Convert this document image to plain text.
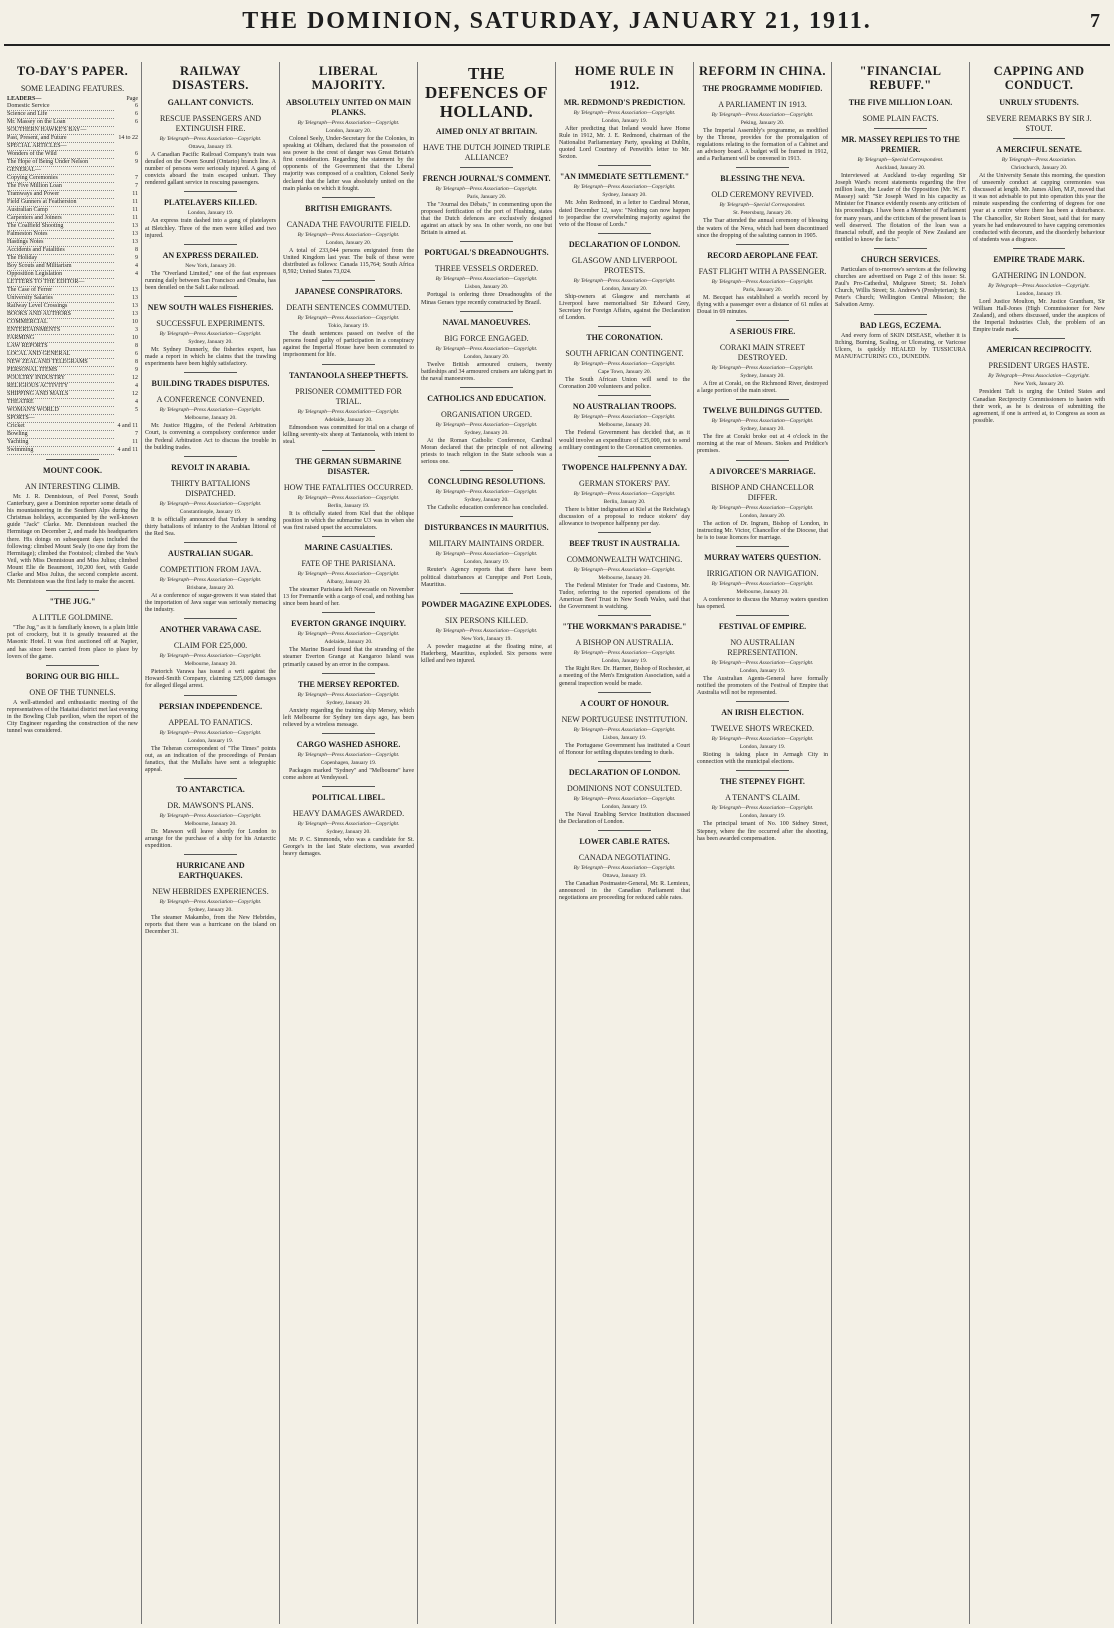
THE DOMINION, SATURDAY, JANUARY 21, 1911.	7
TO-DAY'S PAPER.
SOME LEADING FEATURES.
LEADERS—	Page
Domestic Service	6
Science and Life	6
Mr. Massey on the Loan	6
SOUTHERN HAWKE'S BAY—	
Past, Present, and Future	14 to 22
SPECIAL ARTICLES—	
Wonders of the Wild	6
The Hope of Being Under Nelson	9
GENERAL—	
Copying Ceremonies	7
The Five Million Loan	7
Tramways and Power	11
Field Gunners at Featherston	11
Australian Camp	11
Carpenters and Joiners	11
The Coalfield Shooting	13
Falmeston Notes	13
Hastings Notes	13
Accidents and Fatalities	8
The Holiday	9
Boy Scouts and Militarism	4
Opposition Legislation	4
LETTERS TO THE EDITOR—	
The Case of Ferrer	13
University Salaries	13
Railway Level Crossings	13
BOOKS AND AUTHORS	13
COMMERCIAL	10
ENTERTAINMENTS	3
FARMING	10
LAW REPORTS	8
LOCAL AND GENERAL	6
NEW ZEALAND TELEGRAMS	8
PERSONAL ITEMS	9
POULTRY INDUSTRY	12
RELIGIOUS ACTIVITY	4
SHIPPING AND MAILS	12
THEATRE	4
WOMAN'S WORLD	5
SPORTS—	
Cricket	4 and 11
Bowling	7
Yachting	11
Swimming	4 and 11
MOUNT COOK.
AN INTERESTING CLIMB.

Mr. J. R. Dennistoun, of Peel Forest, South Canterbury, gave a Dominion reporter some details of his mountaineering in the Southern Alps during the Christmas holidays, accompanied by the well-known guide "Jack" Clarke. Mr. Dennistoun reached the Hermitage on December 2, and made his headquarters there. His doings on subsequent days included the following: climbed Mount Sealy (to one day from the Hermitage); climbed the Footstool; climbed the Vea's Veil, with Miss Dennistoun and Miss Julius; climbed Mount Elie de Beaumont, 10,200 feet, with Guide Clarke and Miss Julius, the second complete ascent. Mr. Dennistoun was the first lady to make the ascent.

"THE JUG."
A LITTLE GOLDMINE.

"The Jug," as it is familiarly known, is a plain little pot of crockery, but it is greatly treasured at the Masonic Hotel. It was first auctioned off at Napier, and has since been carried from place to place by lovers of the game.

BORING OUR BIG HILL.
ONE OF THE TUNNELS.

A well-attended and enthusiastic meeting of the representatives of the Hataitai district met last evening in the Bowling Club pavilion, when the report of the City Engineer regarding the construction of the new tunnel was considered.

RAILWAY DISASTERS.
GALLANT CONVICTS.
RESCUE PASSENGERS AND EXTINGUISH FIRE.
By Telegraph—Press Association—Copyright.
Ottawa, January 19.

A Canadian Pacific Railroad Company's train was derailed on the Owen Sound (Ontario) branch line. A number of persons were seriously injured. A gang of convicts aboard the train escaped unhurt. They rendered gallant service in rescuing passengers.

PLATELAYERS KILLED.
London, January 19.

An express train dashed into a gang of platelayers at Bletchley. Three of the men were killed and two injured.

AN EXPRESS DERAILED.
New York, January 20.

The "Overland Limited," one of the fast expresses running daily between San Francisco and Omaha, has been derailed on the Salt Lake railroad.

NEW SOUTH WALES FISHERIES.
SUCCESSFUL EXPERIMENTS.
By Telegraph—Press Association—Copyright.
Sydney, January 20.

Mr. Sydney Dunnerly, the fisheries expert, has made a report in which he claims that the trawling experiments have been highly satisfactory.

BUILDING TRADES DISPUTES.
A CONFERENCE CONVENED.
By Telegraph—Press Association—Copyright.
Melbourne, January 20.

Mr. Justice Higgins, of the Federal Arbitration Court, is convening a compulsory conference under the Federal Arbitration Act to discuss the trouble in the building trades.

REVOLT IN ARABIA.
THIRTY BATTALIONS DISPATCHED.
By Telegraph—Press Association—Copyright.
Constantinople, January 19.

It is officially announced that Turkey is sending thirty battalions of infantry to the Arabian littoral of the Red Sea.

AUSTRALIAN SUGAR.
COMPETITION FROM JAVA.
By Telegraph—Press Association—Copyright.
Brisbane, January 20.

At a conference of sugar-growers it was stated that the importation of Java sugar was seriously menacing the industry.

ANOTHER VARAWA CASE.
CLAIM FOR £25,000.
By Telegraph—Press Association—Copyright.
Melbourne, January 20.

Pietorich Varawa has issued a writ against the Howard-Smith Company, claiming £25,000 damages for alleged illegal arrest.

PERSIAN INDEPENDENCE.
APPEAL TO FANATICS.
By Telegraph—Press Association—Copyright.
London, January 19.

The Teheran correspondent of "The Times" points out, as an indication of the proceedings of Persian fanatics, that the Mullahs have sent a telegraphic appeal.

TO ANTARCTICA.
DR. MAWSON'S PLANS.
By Telegraph—Press Association—Copyright.
Melbourne, January 20.

Dr. Mawson will leave shortly for London to arrange for the purchase of a ship for his Antarctic expedition.

HURRICANE AND EARTHQUAKES.
NEW HEBRIDES EXPERIENCES.
By Telegraph—Press Association—Copyright.
Sydney, January 20.

The steamer Makambo, from the New Hebrides, reports that there was a hurricane on the island on December 31.

LIBERAL MAJORITY.
ABSOLUTELY UNITED ON MAIN PLANKS.
By Telegraph—Press Association—Copyright.
London, January 20.

Colonel Seely, Under-Secretary for the Colonies, in speaking at Oldham, declared that the possession of sea power is the crest of danger was Great Britain's first consideration. Regarding the statement by the opponents of the Government that the Liberal majority was composed of a coalition, Colonel Seely declared that the latter was absolutely united on the main planks on which it fought.

BRITISH EMIGRANTS.
CANADA THE FAVOURITE FIELD.
By Telegraph—Press Association—Copyright.
London, January 20.

A total of 233,044 persons emigrated from the United Kingdom last year. The bulk of these were distributed as follows: Canada 115,764; South Africa 8,592; United States 73,024.

JAPANESE CONSPIRATORS.
DEATH SENTENCES COMMUTED.
By Telegraph—Press Association—Copyright.
Tokio, January 19.

The death sentences passed on twelve of the persons found guilty of participation in a conspiracy against the Imperial House have been commuted to imprisonment for life.

TANTANOOLA SHEEP THEFTS.
PRISONER COMMITTED FOR TRIAL.
By Telegraph—Press Association—Copyright.
Adelaide, January 20.

Edmondson was committed for trial on a charge of killing seventy-six sheep at Tantanoola, with intent to steal.

THE GERMAN SUBMARINE DISASTER.
HOW THE FATALITIES OCCURRED.
By Telegraph—Press Association—Copyright.
Berlin, January 19.

It is officially stated from Kiel that the oblique position in which the submarine U3 was in when she was first raised upset the accumulators.

MARINE CASUALTIES.
FATE OF THE PARISIANA.
By Telegraph—Press Association—Copyright.
Albany, January 20.

The steamer Parisiana left Newcastle on November 13 for Fremantle with a cargo of coal, and nothing has since been heard of her.

EVERTON GRANGE INQUIRY.
By Telegraph—Press Association—Copyright.
Adelaide, January 20.

The Marine Board found that the stranding of the steamer Everton Grange at Kangaroo Island was primarily caused by an error in the compass.

THE MERSEY REPORTED.
By Telegraph—Press Association—Copyright.
Sydney, January 20.

Anxiety regarding the training ship Mersey, which left Melbourne for Sydney ten days ago, has been relieved by a wireless message.

CARGO WASHED ASHORE.
By Telegraph—Press Association—Copyright.
Copenhagen, January 19.

Packages marked "Sydney" and "Melbourne" have come ashore at Vendsyssel.

POLITICAL LIBEL.
HEAVY DAMAGES AWARDED.
By Telegraph—Press Association—Copyright.
Sydney, January 20.

Mr. P. C. Simmonds, who was a candidate for St. George's in the last State elections, was awarded heavy damages.

THE DEFENCES OF HOLLAND.
AIMED ONLY AT BRITAIN.
HAVE THE DUTCH JOINED TRIPLE ALLIANCE?
FRENCH JOURNAL'S COMMENT.
By Telegraph—Press Association—Copyright.
Paris, January 20.

The "Journal des Débats," in commenting upon the proposed fortification of the port of Flushing, states that the Dutch defences are exclusively designed against an attack by sea. In other words, no one but Britain is aimed at.

PORTUGAL'S DREADNOUGHTS.
THREE VESSELS ORDERED.
By Telegraph—Press Association—Copyright.
Lisbon, January 20.

Portugal is ordering three Dreadnoughts of the Minas Geraes type recently constructed by Brazil.

NAVAL MANOEUVRES.
BIG FORCE ENGAGED.
By Telegraph—Press Association—Copyright.
London, January 20.

Twelve British armoured cruisers, twenty battleships and 34 armoured cruisers are taking part in the naval manoeuvres.

CATHOLICS AND EDUCATION.
ORGANISATION URGED.
By Telegraph—Press Association—Copyright.
Sydney, January 20.

At the Roman Catholic Conference, Cardinal Moran declared that the principle of not allowing priests to teach religion in the State schools was a serious one.

CONCLUDING RESOLUTIONS.
By Telegraph—Press Association—Copyright.
Sydney, January 20.

The Catholic education conference has concluded.

DISTURBANCES IN MAURITIUS.
MILITARY MAINTAINS ORDER.
By Telegraph—Press Association—Copyright.
London, January 19.

Reuter's Agency reports that there have been political disturbances at Curepipe and Port Louis, Mauritius.

POWDER MAGAZINE EXPLODES.
SIX PERSONS KILLED.
By Telegraph—Press Association—Copyright.
New York, January 19.

A powder magazine at the floating mine, at Haderberg, Mauritius, exploded. Six persons were killed and two injured.

HOME RULE IN 1912.
MR. REDMOND'S PREDICTION.
By Telegraph—Press Association—Copyright.
London, January 19.

After predicting that Ireland would have Home Rule in 1912, Mr. J. E. Redmond, chairman of the Nationalist Parliamentary Party, speaking at Dublin, quoted Lord Courtney of Penwith's letter to Mr. Sexton.

"AN IMMEDIATE SETTLEMENT."
By Telegraph—Press Association—Copyright.
Sydney, January 20.

Mr. John Redmond, in a letter to Cardinal Moran, dated December 12, says: "Nothing can now happen to jeopardise the overwhelming majority against the veto of the House of Lords."

DECLARATION OF LONDON.
GLASGOW AND LIVERPOOL PROTESTS.
By Telegraph—Press Association—Copyright.
London, January 20.

Ship-owners at Glasgow and merchants at Liverpool have memorialised Sir Edward Grey, Secretary for Foreign Affairs, against the Declaration of London.

THE CORONATION.
SOUTH AFRICAN CONTINGENT.
By Telegraph—Press Association—Copyright.
Cape Town, January 20.

The South African Union will send to the Coronation 200 volunteers and police.

NO AUSTRALIAN TROOPS.
By Telegraph—Press Association—Copyright.
Melbourne, January 20.

The Federal Government has decided that, as it would involve an expenditure of £35,000, not to send a military contingent to the Coronation ceremonies.

TWOPENCE HALFPENNY A DAY.
GERMAN STOKERS' PAY.
By Telegraph—Press Association—Copyright.
Berlin, January 20.

There is bitter indignation at Kiel at the Reichstag's discussion of a proposal to reduce stokers' day allowance to twopence halfpenny per day.

BEEF TRUST IN AUSTRALIA.
COMMONWEALTH WATCHING.
By Telegraph—Press Association—Copyright.
Melbourne, January 20.

The Federal Minister for Trade and Customs, Mr. Tudor, referring to the reported operations of the American Beef Trust in New South Wales, said that the Government is watching.

"THE WORKMAN'S PARADISE."
A BISHOP ON AUSTRALIA.
By Telegraph—Press Association—Copyright.
London, January 19.

The Right Rev. Dr. Harmer, Bishop of Rochester, at a meeting of the Men's Emigration Association, said a general inspection would be made.

A COURT OF HONOUR.
NEW PORTUGUESE INSTITUTION.
By Telegraph—Press Association—Copyright.
Lisbon, January 19.

The Portuguese Government has instituted a Court of Honour for settling disputes tending to duels.

DECLARATION OF LONDON.
DOMINIONS NOT CONSULTED.
By Telegraph—Press Association—Copyright.
London, January 19.

The Naval Enabling Service Institution discussed the Declaration of London.

LOWER CABLE RATES.
CANADA NEGOTIATING.
By Telegraph—Press Association—Copyright.
Ottawa, January 19.

The Canadian Postmaster-General, Mr. R. Lemieux, announced in the Canadian Parliament that negotiations are proceeding for reduced cable rates.

REFORM IN CHINA.
THE PROGRAMME MODIFIED.
A PARLIAMENT IN 1913.
By Telegraph—Press Association—Copyright.
Peking, January 20.

The Imperial Assembly's programme, as modified by the Throne, provides for the promulgation of regulations relating to the formation of a Cabinet and an advisory board. A budget will be framed in 1912, and a Parliament will be convened in 1913.

BLESSING THE NEVA.
OLD CEREMONY REVIVED.
By Telegraph—Special Correspondent.
St. Petersburg, January 20.

The Tsar attended the annual ceremony of blessing the waters of the Neva, which had been discontinued since the dropping of the saluting cannon in 1905.

RECORD AEROPLANE FEAT.
FAST FLIGHT WITH A PASSENGER.
By Telegraph—Press Association—Copyright.
Paris, January 20.

M. Becquet has established a world's record by flying with a passenger over a distance of 61 miles at Douai in 69 minutes.

A SERIOUS FIRE.
CORAKI MAIN STREET DESTROYED.
By Telegraph—Press Association—Copyright.
Sydney, January 20.

A fire at Coraki, on the Richmond River, destroyed a large portion of the main street.

TWELVE BUILDINGS GUTTED.
By Telegraph—Press Association—Copyright.
Sydney, January 20.

The fire at Coraki broke out at 4 o'clock in the morning at the rear of Messrs. Stokes and Priddice's premises.

A DIVORCEE'S MARRIAGE.
BISHOP AND CHANCELLOR DIFFER.
By Telegraph—Press Association—Copyright.
London, January 20.

The action of Dr. Ingram, Bishop of London, in instructing Mr. Victor, Chancellor of the Diocese, that he is to issue licences for marriage.

MURRAY WATERS QUESTION.
IRRIGATION OR NAVIGATION.
By Telegraph—Press Association—Copyright.
Melbourne, January 20.

A conference to discuss the Murray waters question has opened.

FESTIVAL OF EMPIRE.
NO AUSTRALIAN REPRESENTATION.
By Telegraph—Press Association—Copyright.
London, January 19.

The Australian Agents-General have formally notified the promoters of the Festival of Empire that Australia will not be represented.

AN IRISH ELECTION.
TWELVE SHOTS WRECKED.
By Telegraph—Press Association—Copyright.
London, January 19.

Rioting is taking place in Armagh City in connection with the municipal elections.

THE STEPNEY FIGHT.
A TENANT'S CLAIM.
By Telegraph—Press Association—Copyright.
London, January 19.

The principal tenant of No. 100 Sidney Street, Stepney, where the fire occurred after the shooting, has been awarded compensation.

"FINANCIAL REBUFF."
THE FIVE MILLION LOAN.
SOME PLAIN FACTS.
MR. MASSEY REPLIES TO THE PREMIER.
By Telegraph—Special Correspondent.
Auckland, January 20.

Interviewed at Auckland to-day regarding Sir Joseph Ward's recent statements regarding the five million loan, the Leader of the Opposition (Mr. W. F. Massey) said: "Sir Joseph Ward in his capacity as Minister for Finance evidently resents any criticism of his proceedings. I have been a Member of Parliament for many years, and the criticism of the present loan is well deserved. The flotation of the loan was a financial rebuff, and the people of New Zealand are entitled to know the facts."

CHURCH SERVICES.

Particulars of to-morrow's services at the following churches are advertised on Page 2 of this issue: St. Paul's Pro-Cathedral, Mulgrave Street; St. John's Church, Willis Street; St. Andrew's (Presbyterian); St. Peter's Church; Wellington Central Mission; the Salvation Army.

BAD LEGS, ECZEMA.

And every form of SKIN DISEASE, whether it is Itching, Burning, Scaling, or Ulcerating, or Varicose Ulcers, is quickly HEALED by TUSSICURA MANUFACTURING CO., DUNEDIN.

CAPPING AND CONDUCT.
UNRULY STUDENTS.
SEVERE REMARKS BY SIR J. STOUT.
A MERCIFUL SENATE.
By Telegraph—Press Association.
Christchurch, January 20.

At the University Senate this morning, the question of unseemly conduct at capping ceremonies was discussed at length. Mr. James Allen, M.P., moved that it was not advisable to put into operation this year the minute suspending the conferring of degrees for one year at a centre where there has been a disturbance. The Chancellor, Sir Robert Stout, said that for many years he had endeavoured to have capping ceremonies conducted with decorum, and the disorderly behaviour of students was a disgrace.

EMPIRE TRADE MARK.
GATHERING IN LONDON.
By Telegraph—Press Association—Copyright.
London, January 19.

Lord Justice Moulton, Mr. Justice Grantham, Sir William Hall-Jones (High Commissioner for New Zealand), and others discussed, under the auspices of the Imperial Industries Club, the problem of an Empire trade mark.

AMERICAN RECIPROCITY.
PRESIDENT URGES HASTE.
By Telegraph—Press Association—Copyright.
New York, January 20.

President Taft is urging the United States and Canadian Reciprocity Commissioners to hasten with their work, as he is desirous of submitting the agreement, if one is arrived at, to Congress as soon as possible.
